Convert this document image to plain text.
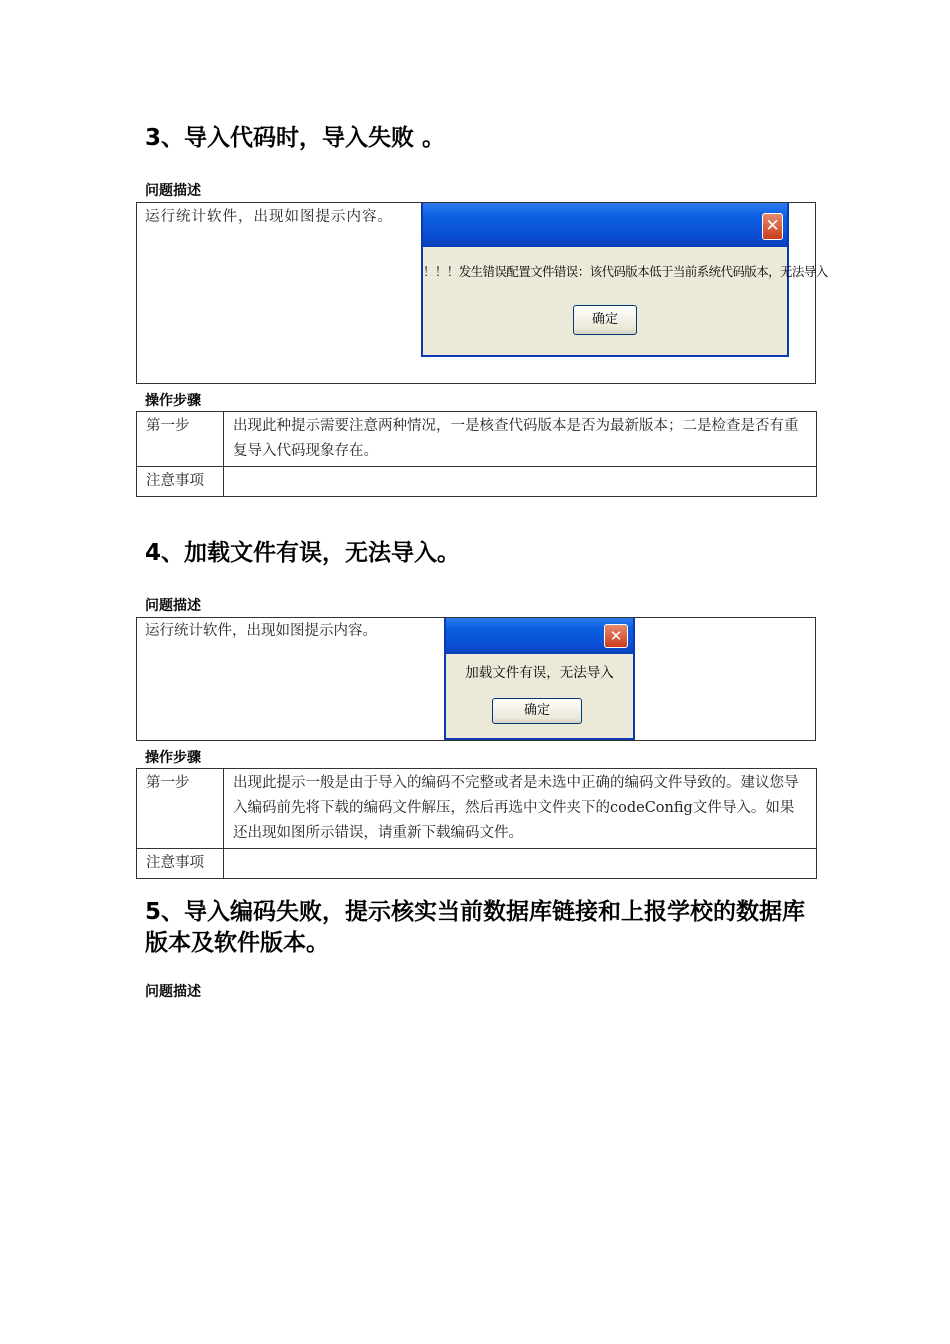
3、导入代码时，导入失败 。
问题描述
运行统计软件，出现如图提示内容。	✕
！！！发生错误配置文件错误：该代码版本低于当前系统代码版本，无法导入
确定
操作步骤
第一步	出现此种提示需要注意两种情况，一是核查代码版本是否为最新版本；二是检查是否有重复导入代码现象存在。
注意事项	
4、加载文件有误，无法导入。
问题描述
运行统计软件，出现如图提示内容。	✕
加载文件有误，无法导入
确定
操作步骤
第一步	出现此提示一般是由于导入的编码不完整或者是未选中正确的编码文件导致的。建议您导入编码前先将下载的编码文件解压，然后再选中文件夹下的codeConfig文件导入。如果还出现如图所示错误，请重新下载编码文件。
注意事项	
5、导入编码失败，提示核实当前数据库链接和上报学校的数据库版本及软件版本。
问题描述
